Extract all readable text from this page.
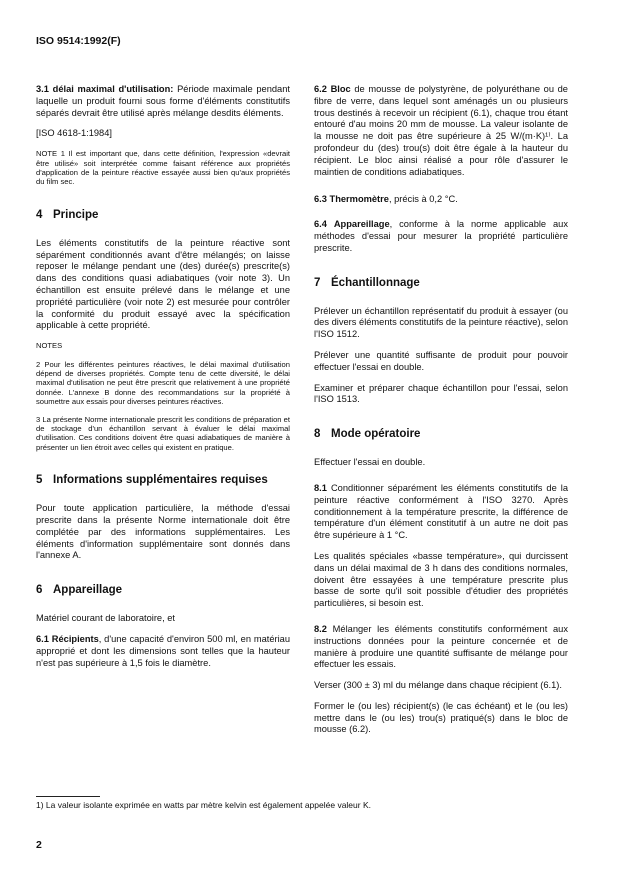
ISO 9514:1992(F)

3.1 délai maximal d'utilisation: Période maximale pendant laquelle un produit fourni sous forme d'éléments constitutifs séparés devrait être utilisé après mélange desdits éléments.

[ISO 4618-1:1984]

NOTE 1 Il est important que, dans cette définition, l'expression «devrait être utilisé» soit interprétée comme faisant référence aux propriétés d'application de la peinture réactive essayée aussi bien qu'aux propriétés du film sec.

4 Principe

Les éléments constitutifs de la peinture réactive sont séparément conditionnés avant d'être mélangés; on laisse reposer le mélange pendant une (des) durée(s) prescrite(s) dans des conditions quasi adiabatiques (voir note 3). Un échantillon est ensuite prélevé dans le mélange et une propriété particulière (voir note 2) est mesurée pour contrôler la conformité du produit essayé avec la spécification applicable à cette propriété.

NOTES

2 Pour les différentes peintures réactives, le délai maximal d'utilisation dépend de diverses propriétés. Compte tenu de cette diversité, le délai maximal d'utilisation ne peut être prescrit que relativement à une propriété donnée. L'annexe B donne des recommandations sur la propriété à soumettre aux essais pour diverses peintures réactives.

3 La présente Norme internationale prescrit les conditions de préparation et de stockage d'un échantillon servant à évaluer le délai maximal d'utilisation. Ces conditions doivent être quasi adiabatiques de manière à présenter un lien étroit avec celles qui existent en pratique.

5 Informations supplémentaires requises

Pour toute application particulière, la méthode d'essai prescrite dans la présente Norme internationale doit être complétée par des informations supplémentaires. Les éléments d'information supplémentaire sont donnés dans l'annexe A.

6 Appareillage

Matériel courant de laboratoire, et

6.1 Récipients, d'une capacité d'environ 500 ml, en matériau approprié et dont les dimensions sont telles que la hauteur n'est pas supérieure à 1,5 fois le diamètre.

6.2 Bloc de mousse de polystyrène, de polyuréthane ou de fibre de verre, dans lequel sont aménagés un ou plusieurs trous destinés à recevoir un récipient (6.1), chaque trou étant entouré d'au moins 20 mm de mousse. La valeur isolante de la mousse ne doit pas être supérieure à 25 W/(m·K)¹⁾. La profondeur du (des) trou(s) doit être égale à la hauteur du récipient. Le bloc ainsi réalisé a pour rôle d'assurer le maintien de conditions adiabatiques.

6.3 Thermomètre, précis à 0,2 °C.

6.4 Appareillage, conforme à la norme applicable aux méthodes d'essai pour mesurer la propriété particulière prescrite.

7 Échantillonnage

Prélever un échantillon représentatif du produit à essayer (ou des divers éléments constitutifs de la peinture réactive), selon l'ISO 1512.

Prélever une quantité suffisante de produit pour pouvoir effectuer l'essai en double.

Examiner et préparer chaque échantillon pour l'essai, selon l'ISO 1513.

8 Mode opératoire

Effectuer l'essai en double.

8.1 Conditionner séparément les éléments constitutifs de la peinture réactive conformément à l'ISO 3270. Après conditionnement à la température prescrite, la différence de température d'un élément constitutif à un autre ne doit pas être supérieure à 1 °C.

Les qualités spéciales «basse température», qui durcissent dans un délai maximal de 3 h dans des conditions normales, doivent être essayées à une température prescrite plus basse de sorte qu'il soit possible d'étudier des propriétés particulières, si besoin est.

8.2 Mélanger les éléments constitutifs conformément aux instructions données pour la peinture concernée et de manière à produire une quantité suffisante de mélange pour effectuer les essais.

Verser (300 ± 3) ml du mélange dans chaque récipient (6.1).

Former le (ou les) récipient(s) (le cas échéant) et le (ou les) mettre dans le (ou les) trou(s) pratiqué(s) dans le bloc de mousse (6.2).

1) La valeur isolante exprimée en watts par mètre kelvin est également appelée valeur K.
2
